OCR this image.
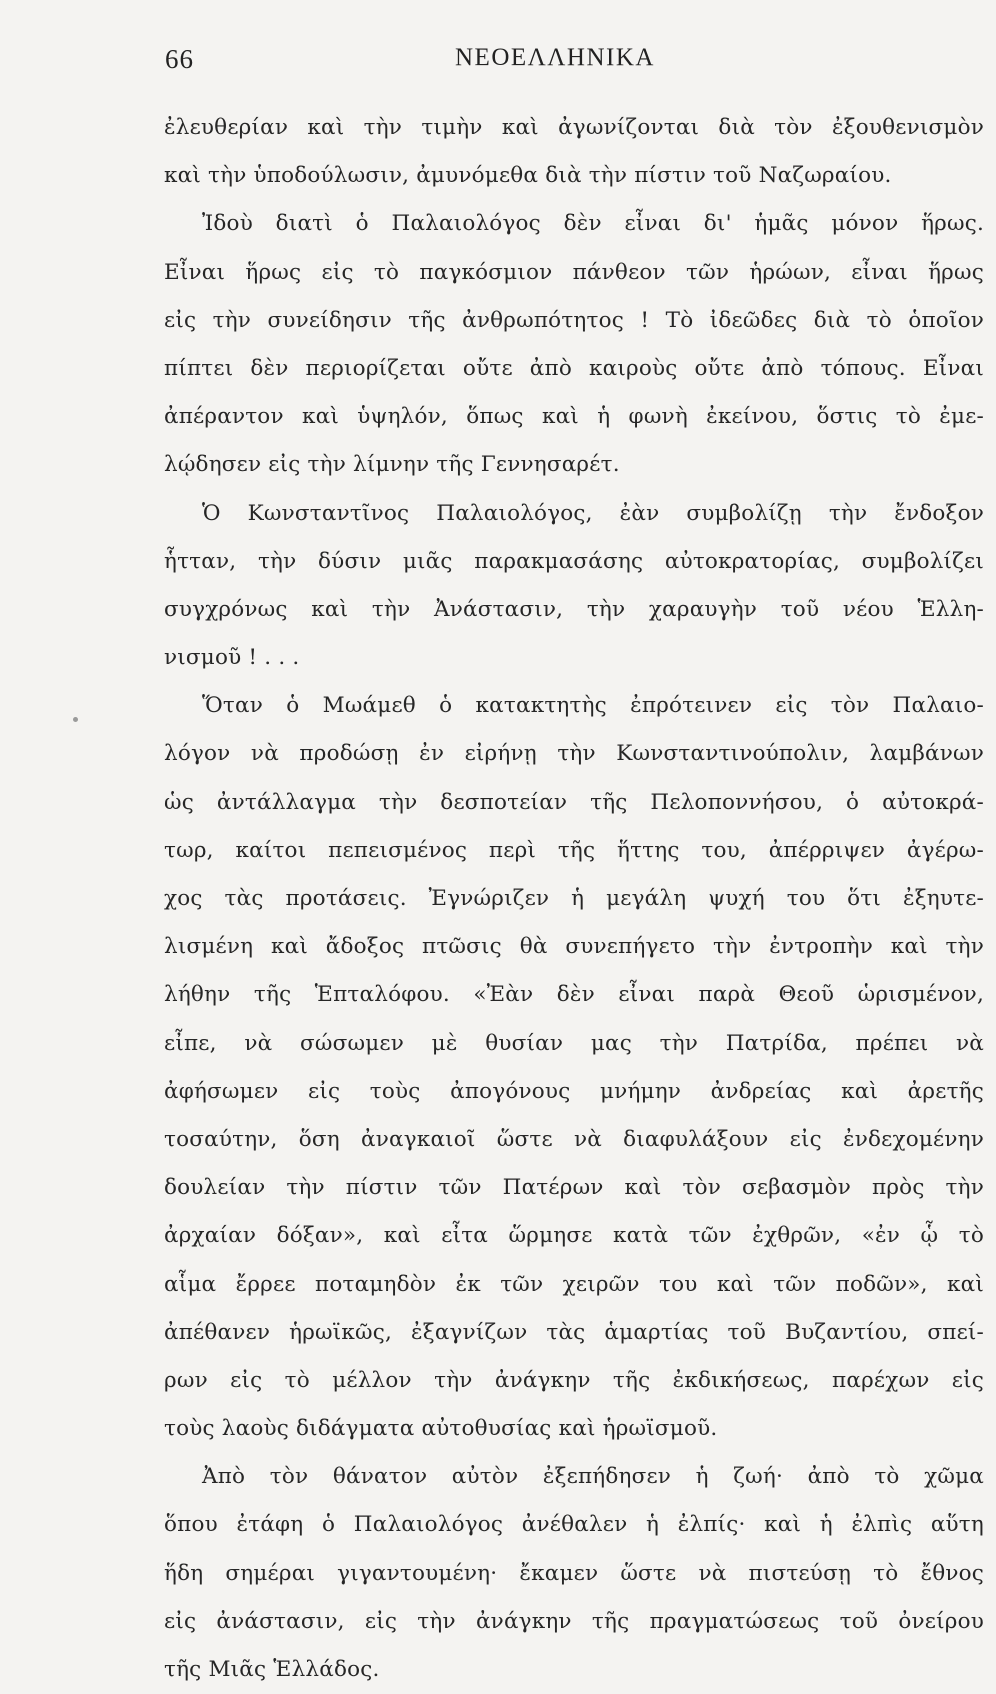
66	ΝΕΟΕΛΛΗΝΙΚΑ
ἐλευθερίαν καὶ τὴν τιμὴν καὶ ἀγωνίζονται διὰ τὸν ἐξουθενισμὸν
καὶ τὴν ὑποδούλωσιν, ἀμυνόμεθα διὰ τὴν πίστιν τοῦ Ναζωραίου.
Ἰδοὺ διατὶ ὁ Παλαιολόγος δὲν εἶναι δι' ἡμᾶς μόνον ἥρως.
Εἶναι ἥρως εἰς τὸ παγκόσμιον πάνθεον τῶν ἡρώων, εἶναι ἥρως
εἰς τὴν συνείδησιν τῆς ἀνθρωπότητος ! Τὸ ἰδεῶδες διὰ τὸ ὁποῖον
πίπτει δὲν περιορίζεται οὔτε ἀπὸ καιροὺς οὔτε ἀπὸ τόπους. Εἶναι
ἀπέραντον καὶ ὑψηλόν, ὅπως καὶ ἡ φωνὴ ἐκείνου, ὅστις τὸ ἐμε-
λῴδησεν εἰς τὴν λίμνην τῆς Γεννησαρέτ.
Ὁ Κωνσταντῖνος Παλαιολόγος, ἐὰν συμβολίζῃ τὴν ἔνδοξον
ἧτταν, τὴν δύσιν μιᾶς παρακμασάσης αὐτοκρατορίας, συμβολίζει
συγχρόνως καὶ τὴν Ἀνάστασιν, τὴν χαραυγὴν τοῦ νέου Ἑλλη-
νισμοῦ ! . . .
Ὅταν ὁ Μωάμεθ ὁ κατακτητὴς ἐπρότεινεν εἰς τὸν Παλαιο-
λόγον νὰ προδώσῃ ἐν εἰρήνῃ τὴν Κωνσταντινούπολιν, λαμβάνων
ὡς ἀντάλλαγμα τὴν δεσποτείαν τῆς Πελοποννήσου, ὁ αὐτοκρά-
τωρ, καίτοι πεπεισμένος περὶ τῆς ἥττης του, ἀπέρριψεν ἀγέρω-
χος τὰς προτάσεις. Ἐγνώριζεν ἡ μεγάλη ψυχή του ὅτι ἐξηυτε-
λισμένη καὶ ἄδοξος πτῶσις θὰ συνεπήγετο τὴν ἐντροπὴν καὶ τὴν
λήθην τῆς Ἑπταλόφου. «Ἐὰν δὲν εἶναι παρὰ Θεοῦ ὡρισμένον,
εἶπε, νὰ σώσωμεν μὲ θυσίαν μας τὴν Πατρίδα, πρέπει νὰ
ἀφήσωμεν εἰς τοὺς ἀπογόνους μνήμην ἀνδρείας καὶ ἀρετῆς
τοσαύτην, ὅση ἀναγκαιοῖ ὥστε νὰ διαφυλάξουν εἰς ἐνδεχομένην
δουλείαν τὴν πίστιν τῶν Πατέρων καὶ τὸν σεβασμὸν πρὸς τὴν
ἀρχαίαν δόξαν», καὶ εἶτα ὥρμησε κατὰ τῶν ἐχθρῶν, «ἐν ᾧ τὸ
αἷμα ἔρρεε ποταμηδὸν ἐκ τῶν χειρῶν του καὶ τῶν ποδῶν», καὶ
ἀπέθανεν ἡρωϊκῶς, ἐξαγνίζων τὰς ἁμαρτίας τοῦ Βυζαντίου, σπεί-
ρων εἰς τὸ μέλλον τὴν ἀνάγκην τῆς ἐκδικήσεως, παρέχων εἰς
τοὺς λαοὺς διδάγματα αὐτοθυσίας καὶ ἡρωϊσμοῦ.
Ἀπὸ τὸν θάνατον αὐτὸν ἐξεπήδησεν ἡ ζωή· ἀπὸ τὸ χῶμα
ὅπου ἐτάφη ὁ Παλαιολόγος ἀνέθαλεν ἡ ἐλπίς· καὶ ἡ ἐλπὶς αὕτη
ἥδη σημέραι γιγαντουμένη· ἔκαμεν ὥστε νὰ πιστεύσῃ τὸ ἔθνος
εἰς ἀνάστασιν, εἰς τὴν ἀνάγκην τῆς πραγματώσεως τοῦ ὀνείρου
τῆς Μιᾶς Ἑλλάδος.
